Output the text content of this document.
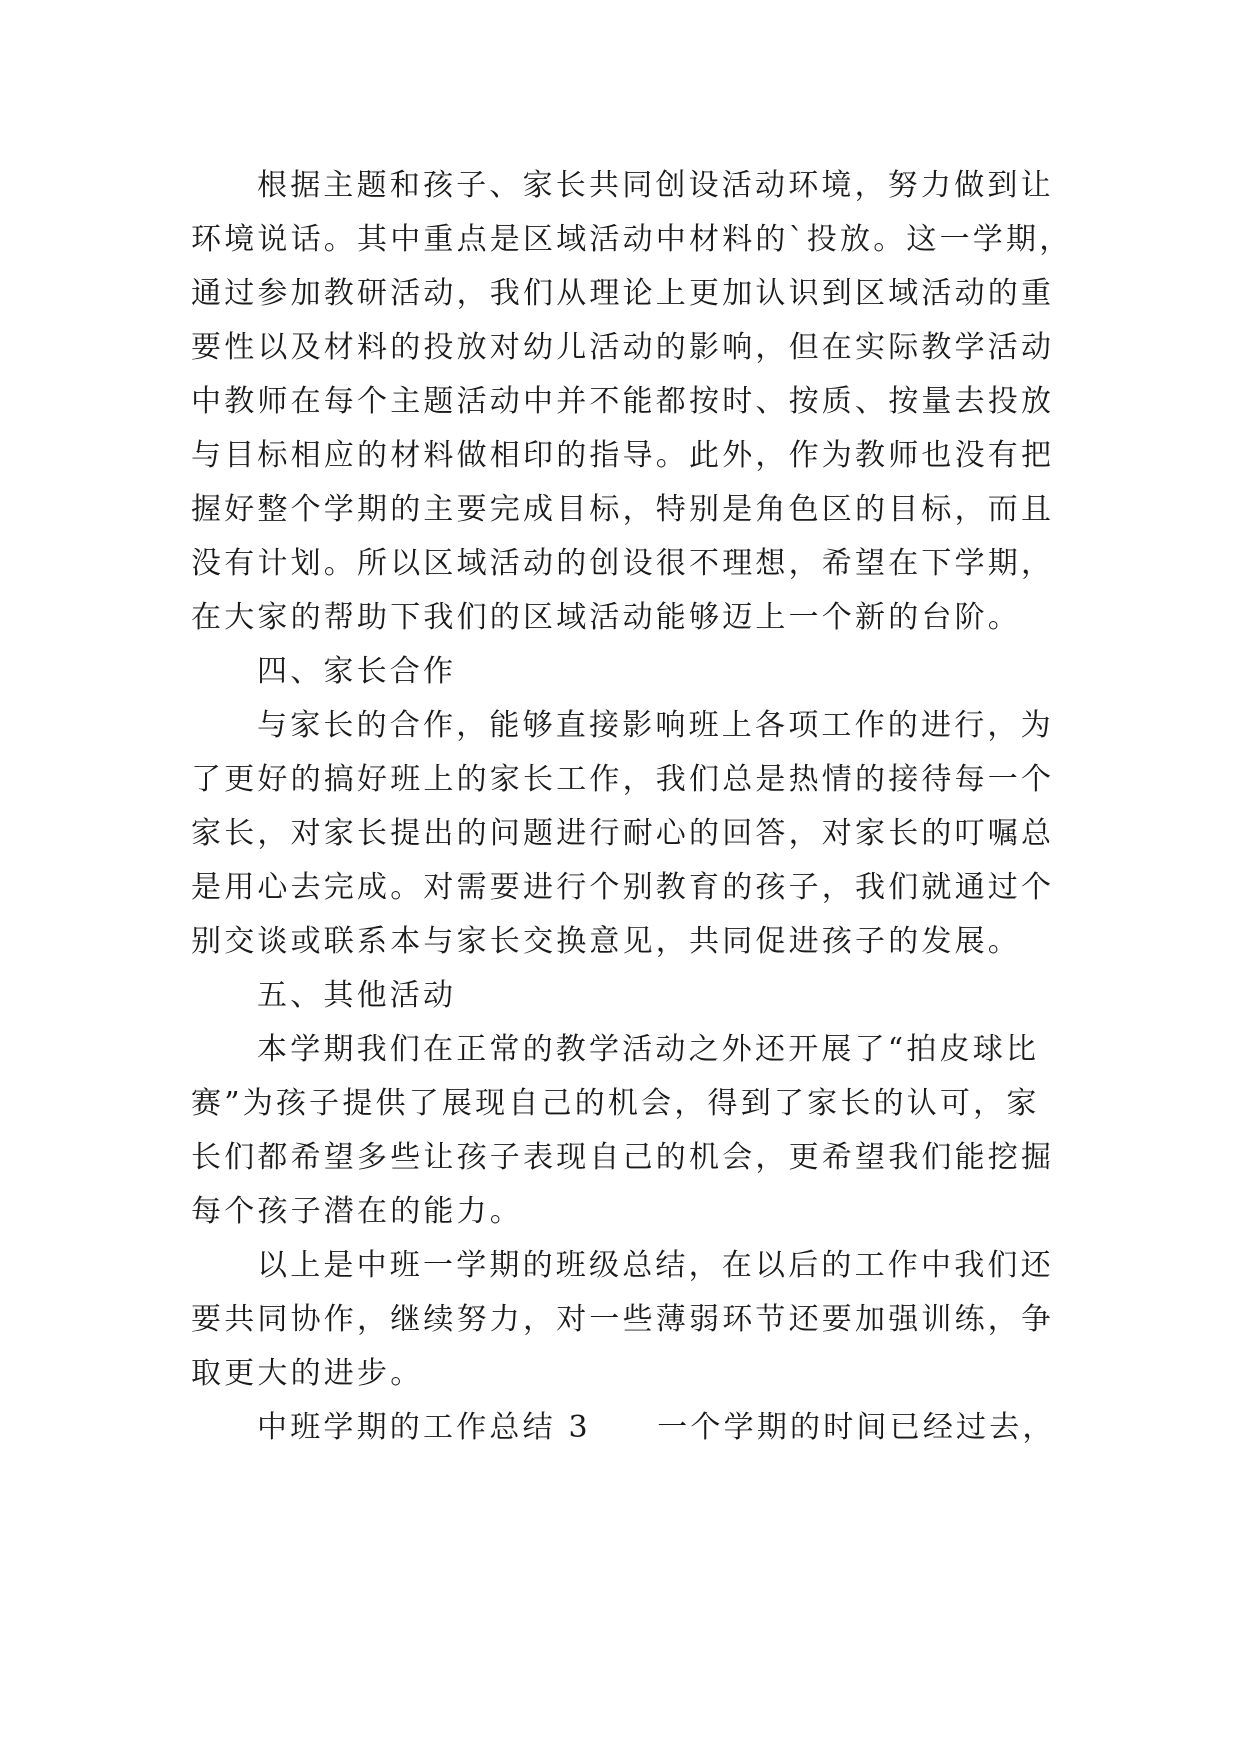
根据主题和孩子、家长共同创设活动环境，努力做到让
环境说话。其中重点是区域活动中材料的`投放。这一学期，
通过参加教研活动，我们从理论上更加认识到区域活动的重
要性以及材料的投放对幼儿活动的影响，但在实际教学活动
中教师在每个主题活动中并不能都按时、按质、按量去投放
与目标相应的材料做相印的指导。此外，作为教师也没有把
握好整个学期的主要完成目标，特别是角色区的目标，而且
没有计划。所以区域活动的创设很不理想，希望在下学期，
在大家的帮助下我们的区域活动能够迈上一个新的台阶。
四、家长合作
与家长的合作，能够直接影响班上各项工作的进行，为
了更好的搞好班上的家长工作，我们总是热情的接待每一个
家长，对家长提出的问题进行耐心的回答，对家长的叮嘱总
是用心去完成。对需要进行个别教育的孩子，我们就通过个
别交谈或联系本与家长交换意见，共同促进孩子的发展。
五、其他活动
本学期我们在正常的教学活动之外还开展了“拍皮球比
赛”为孩子提供了展现自己的机会，得到了家长的认可，家
长们都希望多些让孩子表现自己的机会，更希望我们能挖掘
每个孩子潜在的能力。
以上是中班一学期的班级总结，在以后的工作中我们还
要共同协作，继续努力，对一些薄弱环节还要加强训练，争
取更大的进步。
中班学期的工作总结 3　　一个学期的时间已经过去，
